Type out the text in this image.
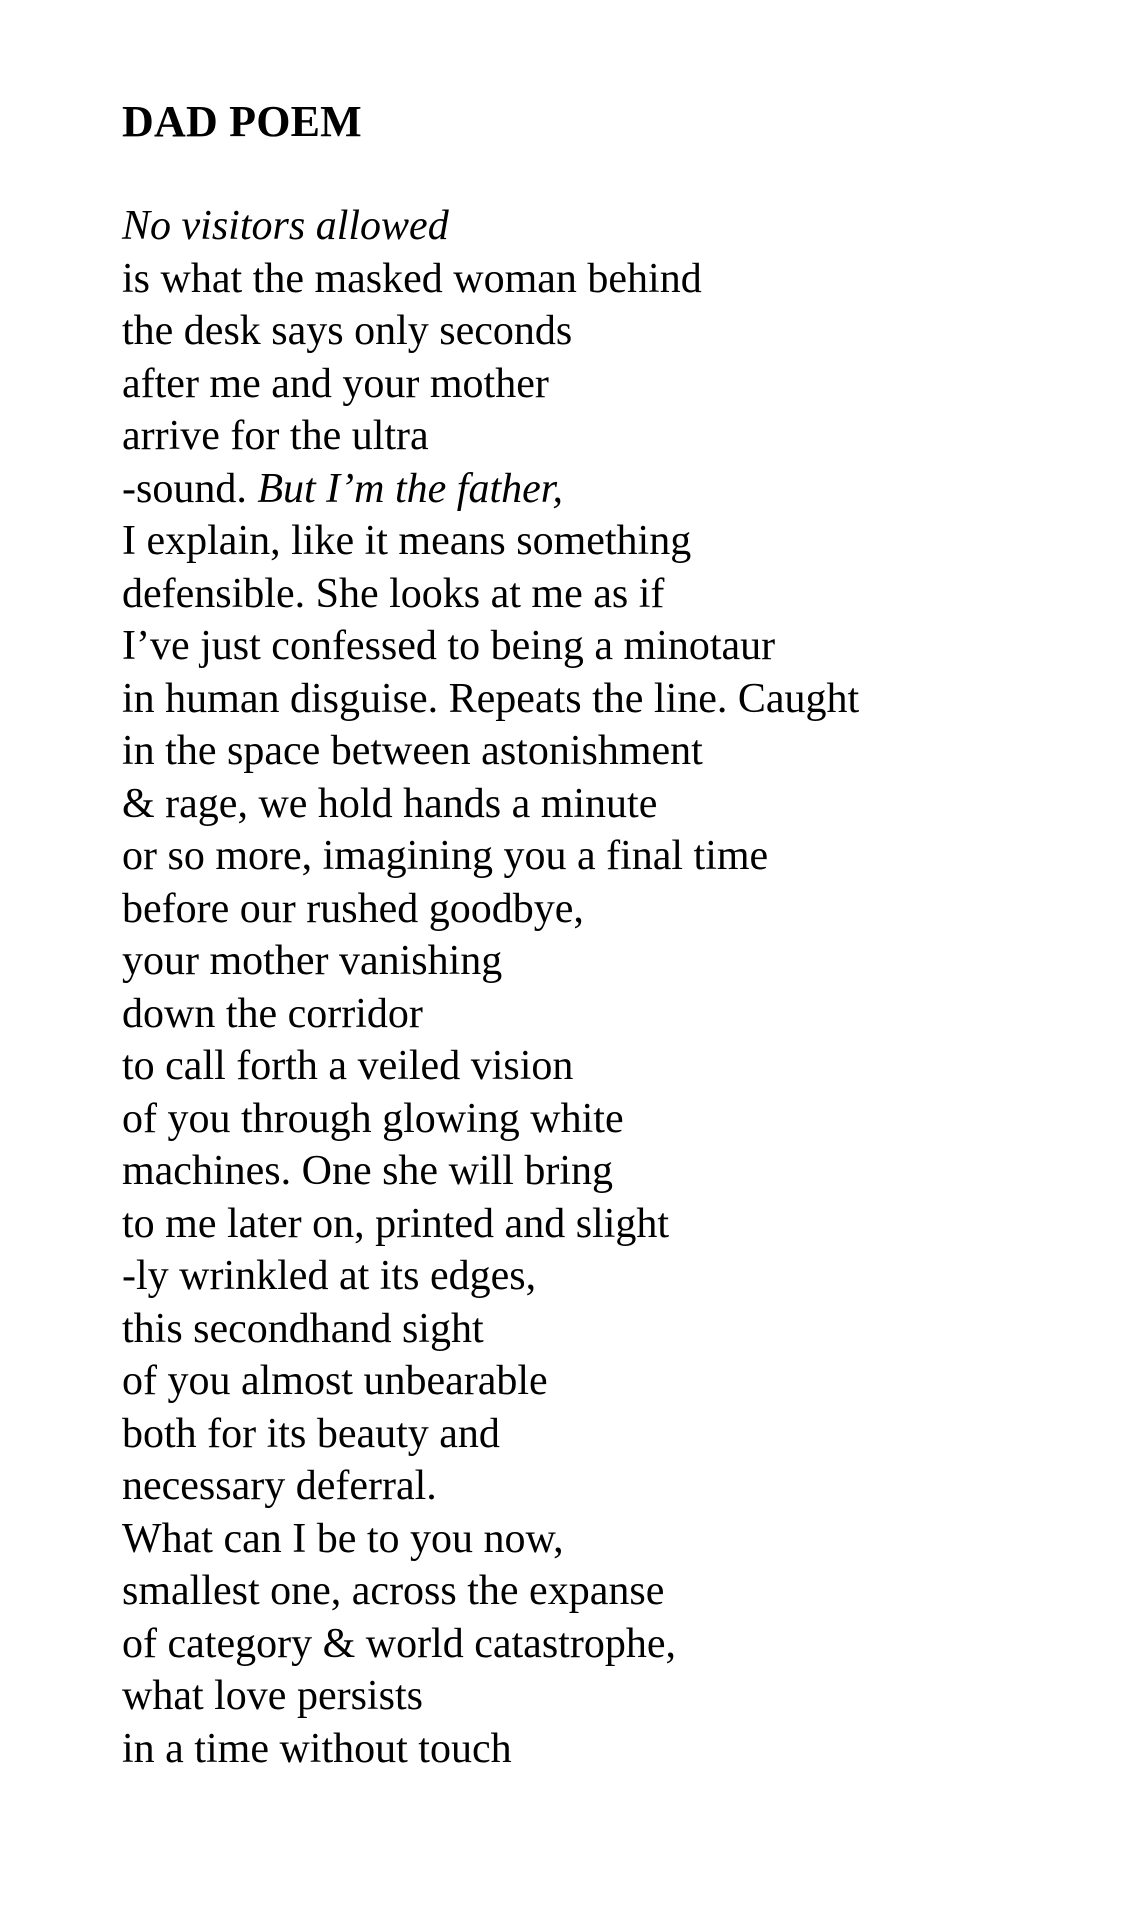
DAD POEM
No visitors allowed
is what the masked woman behind
the desk says only seconds
after me and your mother
arrive for the ultra
-sound. But I’m the father,
I explain, like it means something
defensible. She looks at me as if
I’ve just confessed to being a minotaur
in human disguise. Repeats the line. Caught
in the space between astonishment
& rage, we hold hands a minute
or so more, imagining you a final time
before our rushed goodbye,
your mother vanishing
down the corridor
to call forth a veiled vision
of you through glowing white
machines. One she will bring
to me later on, printed and slight
-ly wrinkled at its edges,
this secondhand sight
of you almost unbearable
both for its beauty and
necessary deferral.
What can I be to you now,
smallest one, across the expanse
of category & world catastrophe,
what love persists
in a time without touch
